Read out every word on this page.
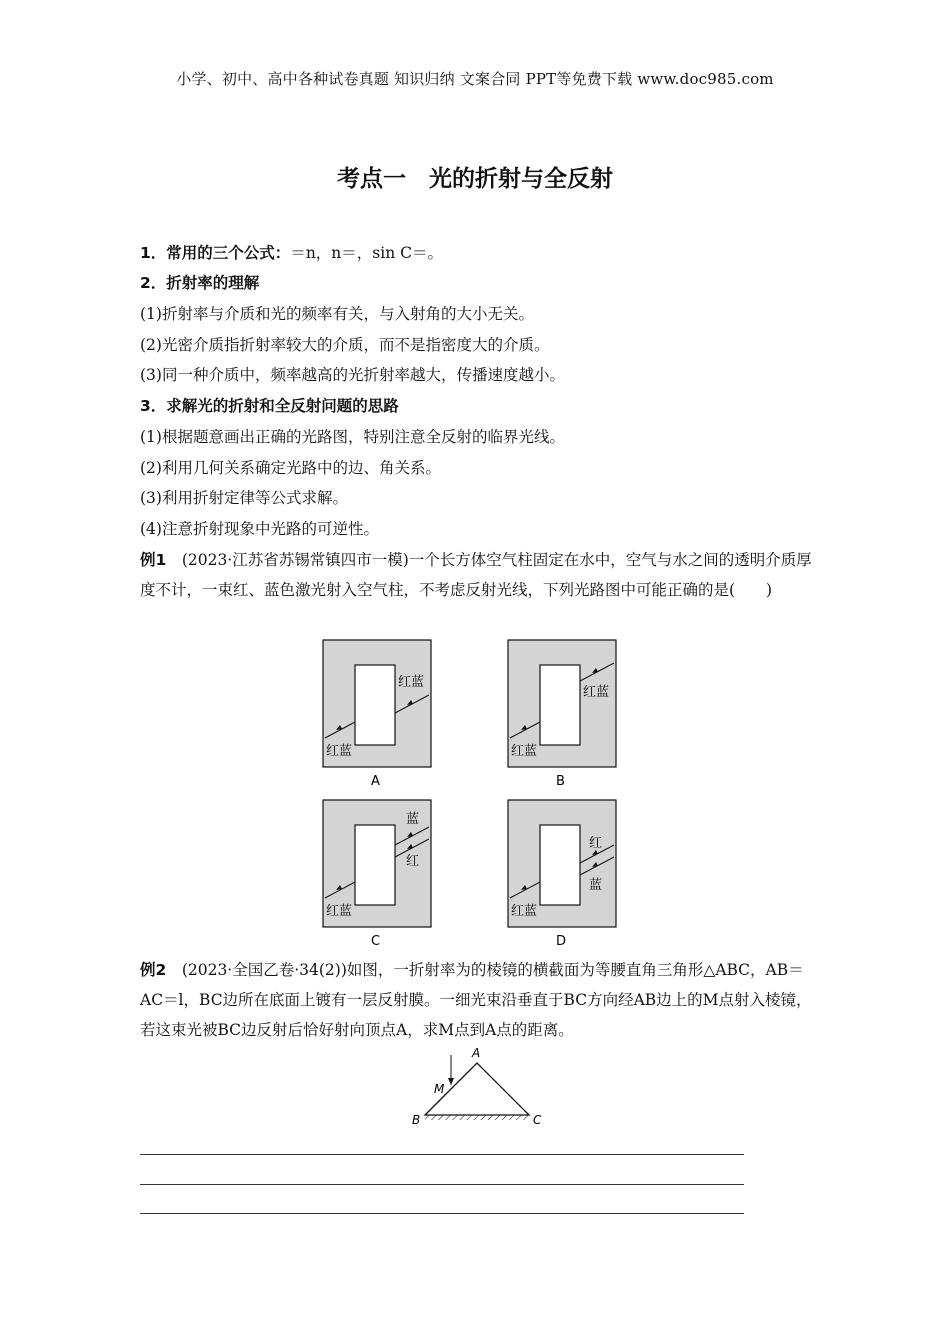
小学、初中、高中各种试卷真题 知识归纳 文案合同 PPT等免费下载 www.doc985.com
考点一　光的折射与全反射
1．常用的三个公式：＝n，n＝，sin C＝。
2．折射率的理解
(1)折射率与介质和光的频率有关，与入射角的大小无关。
(2)光密介质指折射率较大的介质，而不是指密度大的介质。
(3)同一种介质中，频率越高的光折射率越大，传播速度越小。
3．求解光的折射和全反射问题的思路
(1)根据题意画出正确的光路图，特别注意全反射的临界光线。
(2)利用几何关系确定光路中的边、角关系。
(3)利用折射定律等公式求解。
(4)注意折射现象中光路的可逆性。
例1　 (2023·江苏省苏锡常镇四市一模)一个长方体空气柱固定在水中，空气与水之间的透明介质厚度不计，一束红、蓝色激光射入空气柱，不考虑反射光线，下列光路图中可能正确的是(　　)
红蓝
红蓝
A
红蓝
红蓝
B
红蓝
蓝
红
C
红蓝
红
蓝
D
例2　 (2023·全国乙卷·34(2))如图，一折射率为的棱镜的横截面为等腰直角三角形△ABC，AB＝AC＝l，BC边所在底面上镀有一层反射膜。一细光束沿垂直于BC方向经AB边上的M点射入棱镜，若这束光被BC边反射后恰好射向顶点A，求M点到A点的距离。
A
B	C
M
